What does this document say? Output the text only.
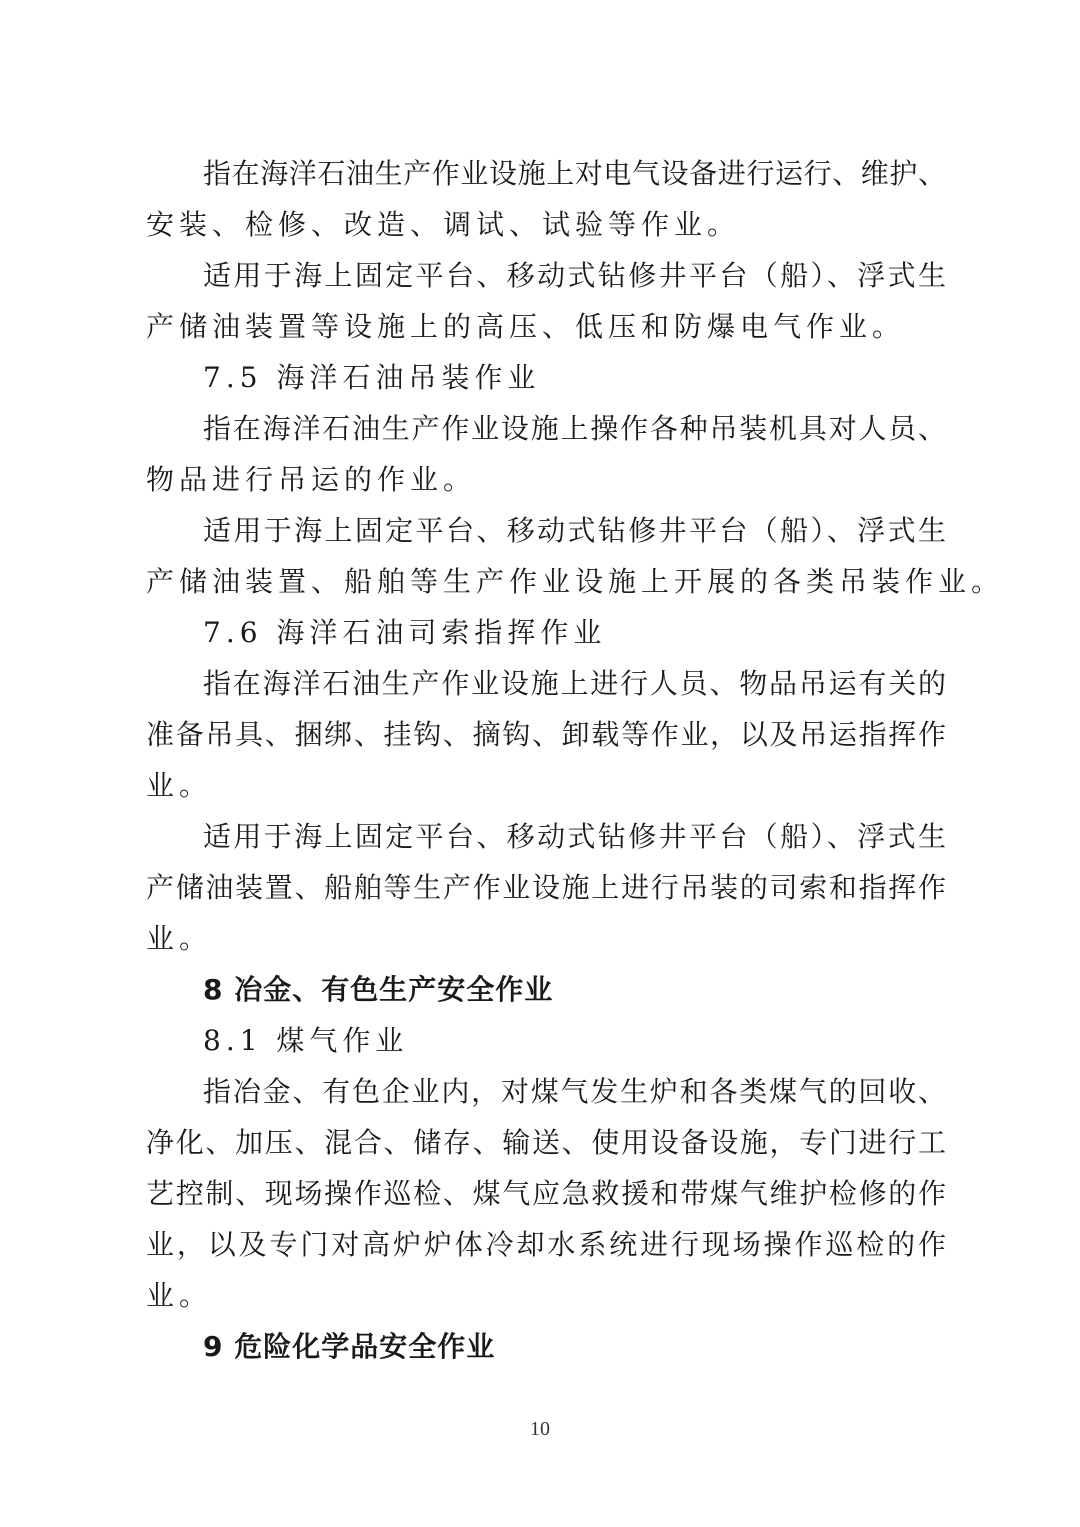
指在海洋石油生产作业设施上对电气设备进行运行、维护、

安装、检修、改造、调试、试验等作业。

适用于海上固定平台、移动式钻修井平台（船）、浮式生

产储油装置等设施上的高压、低压和防爆电气作业。

7.5 海洋石油吊装作业

指在海洋石油生产作业设施上操作各种吊装机具对人员、

物品进行吊运的作业。

适用于海上固定平台、移动式钻修井平台（船）、浮式生

产储油装置、船舶等生产作业设施上开展的各类吊装作业。

7.6 海洋石油司索指挥作业

指在海洋石油生产作业设施上进行人员、物品吊运有关的

准备吊具、捆绑、挂钩、摘钩、卸载等作业，以及吊运指挥作

业。

适用于海上固定平台、移动式钻修井平台（船）、浮式生

产储油装置、船舶等生产作业设施上进行吊装的司索和指挥作

业。

8 冶金、有色生产安全作业

8.1 煤气作业

指冶金、有色企业内，对煤气发生炉和各类煤气的回收、

净化、加压、混合、储存、输送、使用设备设施，专门进行工

艺控制、现场操作巡检、煤气应急救援和带煤气维护检修的作

业，以及专门对高炉炉体冷却水系统进行现场操作巡检的作

业。

9 危险化学品安全作业

10
